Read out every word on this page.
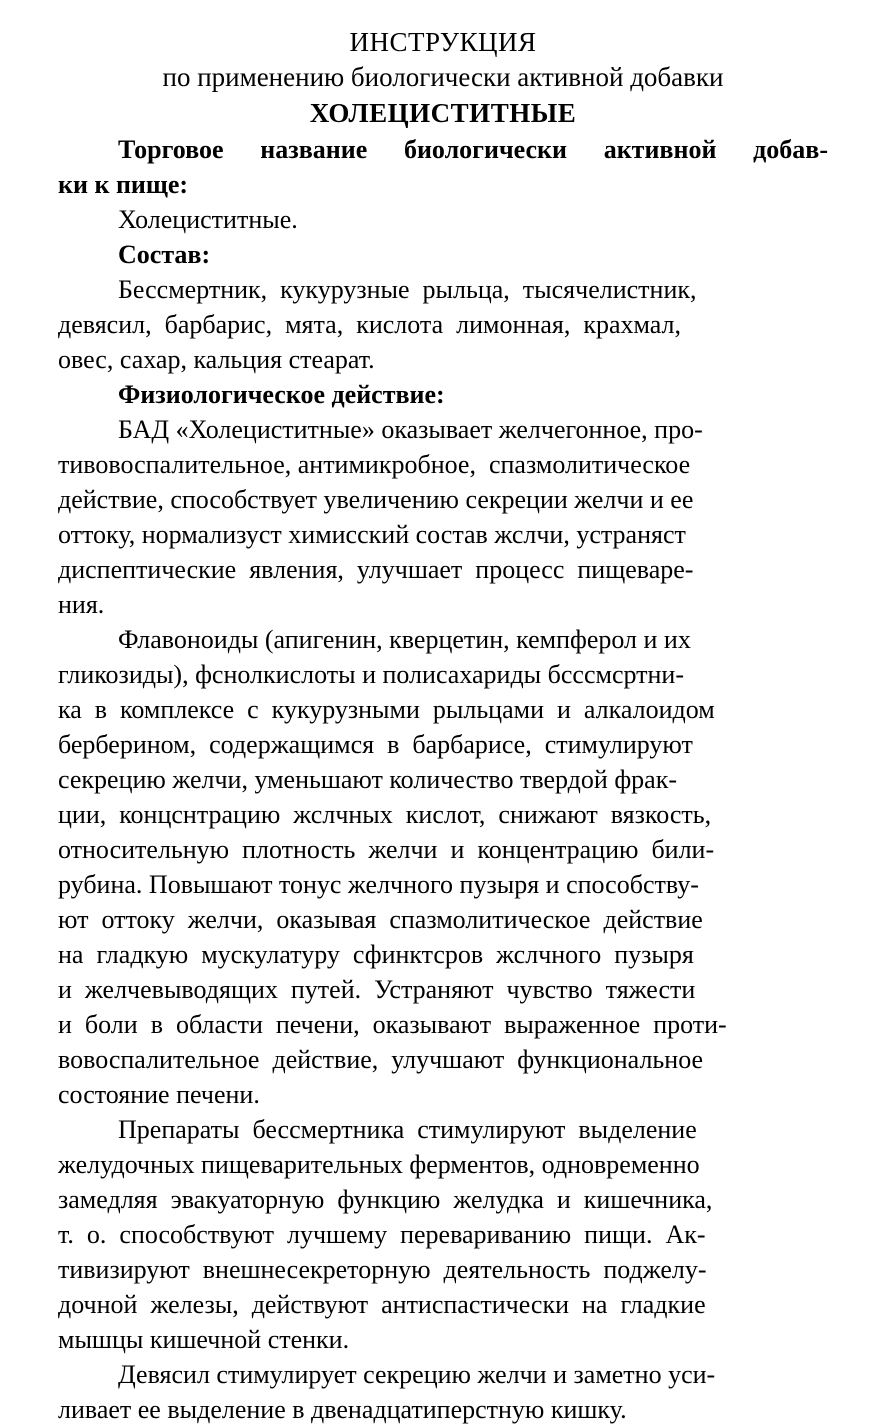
ИНСТРУКЦИЯ
по применению биологически активной добавки
ХОЛЕЦИСТИТНЫЕ
Торговое название биологически активной добав-
ки к пище:
Холециститные.
Состав:
Бессмертник,  кукурузные  рыльца,  тысячелистник,
девясил,  барбарис,  мята,  кислота  лимонная,  крахмал,
овес, сахар, кальция стеарат.
Физиологическое действие:
БАД «Холециститные» оказывает желчегонное, про-
тивовоспалительное, антимикробное,  спазмолитическое
действие, способствует увеличению секреции желчи и ее
оттоку, нормализуст химисский состав жслчи, устраняст
диспептические  явления,  улучшает  процесс  пищеваре-
ния.
Флавоноиды (апигенин, кверцетин, кемпферол и их
гликозиды), фснолкислоты и полисахариды бсссмсртни-
ка  в  комплексе  с  кукурузными  рыльцами  и  алкалоидом
берберином,  содержащимся  в  барбарисе,  стимулируют
секрецию желчи, уменьшают количество твердой фрак-
ции,  концснтрацию  жслчных  кислот,  снижают  вязкость,
относительную  плотность  желчи  и  концентрацию  били-
рубина. Повышают тонус желчного пузыря и способству-
ют  оттоку  желчи,  оказывая  спазмолитическое  действие
на  гладкую  мускулатуру  сфинктсров  жслчного  пузыря
и  желчевыводящих  путей.  Устраняют  чувство  тяжести
и  боли  в  области  печени,  оказывают  выраженное  проти-
вовоспалительное  действие,  улучшают  функциональное
состояние печени.
Препараты  бессмертника  стимулируют  выделение
желудочных пищеварительных ферментов, одновременно
замедляя  эвакуаторную  функцию  желудка  и  кишечника,
т.  о.  способствуют  лучшему  перевариванию  пищи.  Ак-
тивизируют  внешнесекреторную  деятельность  поджелу-
дочной  железы,  действуют  антиспастически  на  гладкие
мышцы кишечной стенки.
Девясил стимулирует секрецию желчи и заметно уси-
ливает ее выделение в двенадцатиперстную кишку.
